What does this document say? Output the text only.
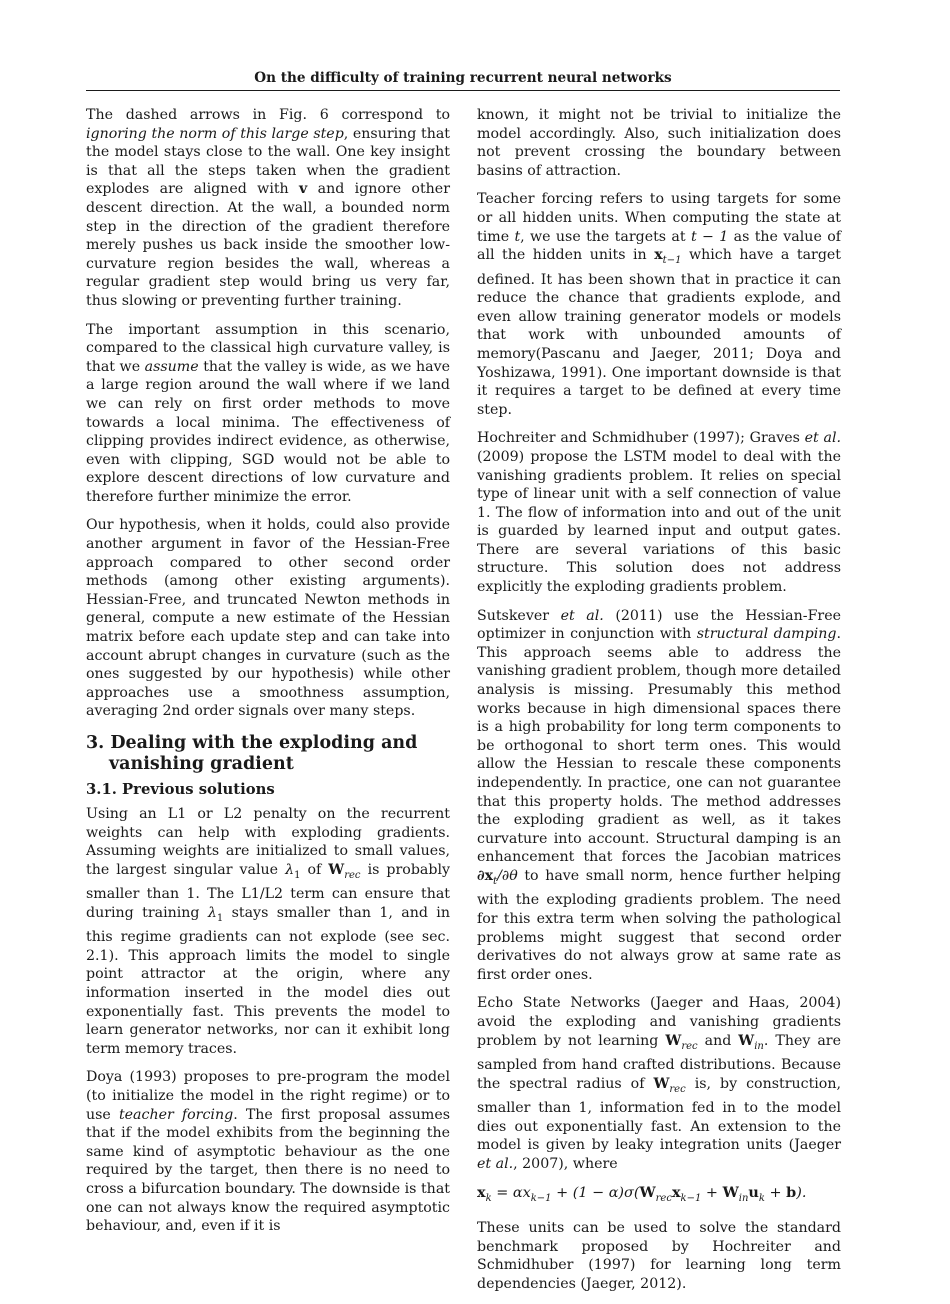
On the difficulty of training recurrent neural networks

The dashed arrows in Fig. 6 correspond to ignoring the norm of this large step, ensuring that the model stays close to the wall. One key insight is that all the steps taken when the gradient explodes are aligned with v and ignore other descent direction. At the wall, a bounded norm step in the direction of the gradient therefore merely pushes us back inside the smoother low-curvature region besides the wall, whereas a regular gradient step would bring us very far, thus slowing or preventing further training.

The important assumption in this scenario, compared to the classical high curvature valley, is that we assume that the valley is wide, as we have a large region around the wall where if we land we can rely on first order methods to move towards a local minima. The effectiveness of clipping provides indirect evidence, as otherwise, even with clipping, SGD would not be able to explore descent directions of low curvature and therefore further minimize the error.

Our hypothesis, when it holds, could also provide another argument in favor of the Hessian-Free approach compared to other second order methods (among other existing arguments). Hessian-Free, and truncated Newton methods in general, compute a new estimate of the Hessian matrix before each update step and can take into account abrupt changes in curvature (such as the ones suggested by our hypothesis) while other approaches use a smoothness assumption, averaging 2nd order signals over many steps.

3. Dealing with the exploding and vanishing gradient
3.1. Previous solutions

Using an L1 or L2 penalty on the recurrent weights can help with exploding gradients. Assuming weights are initialized to small values, the largest singular value $\lambda_1$ of $W_{rec}$ is probably smaller than 1. The L1/L2 term can ensure that during training $\lambda_1$ stays smaller than 1, and in this regime gradients can not explode (see sec. 2.1). This approach limits the model to single point attractor at the origin, where any information inserted in the model dies out exponentially fast. This prevents the model to learn generator networks, nor can it exhibit long term memory traces.

Doya (1993) proposes to pre-program the model (to initialize the model in the right regime) or to use teacher forcing. The first proposal assumes that if the model exhibits from the beginning the same kind of asymptotic behaviour as the one required by the target, then there is no need to cross a bifurcation boundary. The downside is that one can not always know the required asymptotic behaviour, and, even if it is

known, it might not be trivial to initialize the model accordingly. Also, such initialization does not prevent crossing the boundary between basins of attraction.

Teacher forcing refers to using targets for some or all hidden units. When computing the state at time t, we use the targets at t − 1 as the value of all the hidden units in $x_{t-1}$ which have a target defined. It has been shown that in practice it can reduce the chance that gradients explode, and even allow training generator models or models that work with unbounded amounts of memory(Pascanu and Jaeger, 2011; Doya and Yoshizawa, 1991). One important downside is that it requires a target to be defined at every time step.

Hochreiter and Schmidhuber (1997); Graves et al. (2009) propose the LSTM model to deal with the vanishing gradients problem. It relies on special type of linear unit with a self connection of value 1. The flow of information into and out of the unit is guarded by learned input and output gates. There are several variations of this basic structure. This solution does not address explicitly the exploding gradients problem.

Sutskever et al. (2011) use the Hessian-Free optimizer in conjunction with structural damping. This approach seems able to address the vanishing gradient problem, though more detailed analysis is missing. Presumably this method works because in high dimensional spaces there is a high probability for long term components to be orthogonal to short term ones. This would allow the Hessian to rescale these components independently. In practice, one can not guarantee that this property holds. The method addresses the exploding gradient as well, as it takes curvature into account. Structural damping is an enhancement that forces the Jacobian matrices $\partial x_t/\partial\theta$ to have small norm, hence further helping with the exploding gradients problem. The need for this extra term when solving the pathological problems might suggest that second order derivatives do not always grow at same rate as first order ones.

Echo State Networks (Jaeger and Haas, 2004) avoid the exploding and vanishing gradients problem by not learning $W_{rec}$ and $W_{in}$. They are sampled from hand crafted distributions. Because the spectral radius of $W_{rec}$ is, by construction, smaller than 1, information fed in to the model dies out exponentially fast. An extension to the model is given by leaky integration units (Jaeger et al., 2007), where

$x_k = \alpha x_{k-1} + (1 - \alpha)\sigma(W_{rec}x_{k-1} + W_{in}u_k + b)$.

These units can be used to solve the standard benchmark proposed by Hochreiter and Schmidhuber (1997) for learning long term dependencies (Jaeger, 2012).
